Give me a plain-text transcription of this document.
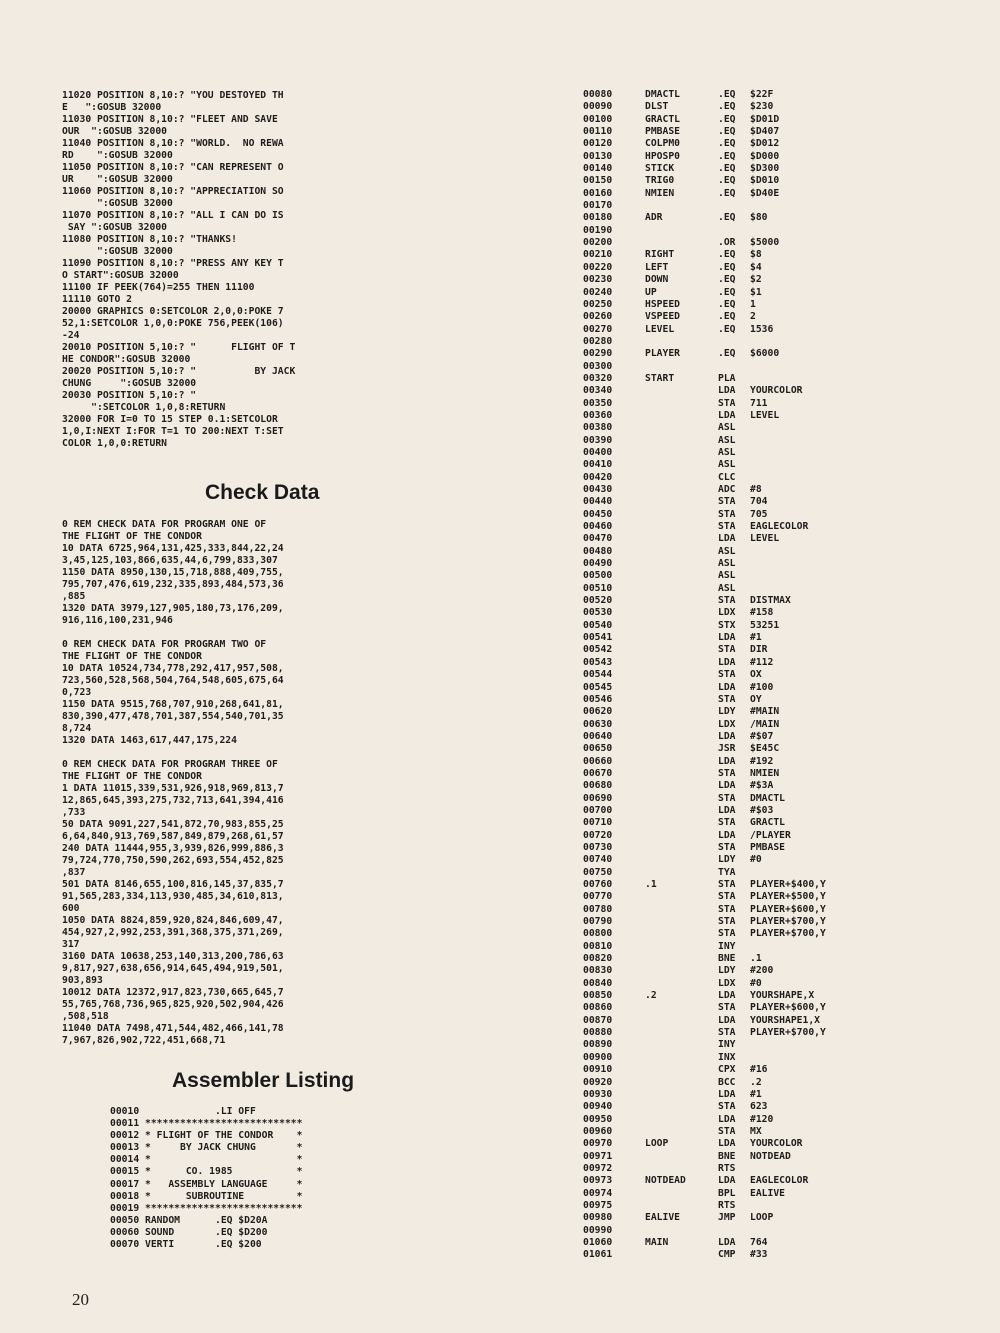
11020 POSITION 8,10:? "YOU DESTOYED TH
E   ":GOSUB 32000
11030 POSITION 8,10:? "FLEET AND SAVE
OUR  ":GOSUB 32000
11040 POSITION 8,10:? "WORLD.  NO REWA
RD    ":GOSUB 32000
11050 POSITION 8,10:? "CAN REPRESENT O
UR    ":GOSUB 32000
11060 POSITION 8,10:? "APPRECIATION SO
":GOSUB 32000
11070 POSITION 8,10:? "ALL I CAN DO IS
SAY ":GOSUB 32000
11080 POSITION 8,10:? "THANKS!
":GOSUB 32000
11090 POSITION 8,10:? "PRESS ANY KEY T
O START":GOSUB 32000
11100 IF PEEK(764)=255 THEN 11100
11110 GOTO 2
20000 GRAPHICS 0:SETCOLOR 2,0,0:POKE 7
52,1:SETCOLOR 1,0,0:POKE 756,PEEK(106)
-24
20010 POSITION 5,10:? "      FLIGHT OF T
HE CONDOR":GOSUB 32000
20020 POSITION 5,10:? "          BY JACK
CHUNG     ":GOSUB 32000
20030 POSITION 5,10:? "
":SETCOLOR 1,0,8:RETURN
32000 FOR I=0 TO 15 STEP 0.1:SETCOLOR
1,0,I:NEXT I:FOR T=1 TO 200:NEXT T:SET
COLOR 1,0,0:RETURN
Check Data
0 REM CHECK DATA FOR PROGRAM ONE OF
THE FLIGHT OF THE CONDOR
10 DATA 6725,964,131,425,333,844,22,24
3,45,125,103,866,635,44,6,799,833,307
1150 DATA 8950,130,15,718,888,409,755,
795,707,476,619,232,335,893,484,573,36
,885
1320 DATA 3979,127,905,180,73,176,209,
916,116,100,231,946
0 REM CHECK DATA FOR PROGRAM TWO OF
THE FLIGHT OF THE CONDOR
10 DATA 10524,734,778,292,417,957,508,
723,560,528,568,504,764,548,605,675,64
0,723
1150 DATA 9515,768,707,910,268,641,81,
830,390,477,478,701,387,554,540,701,35
8,724
1320 DATA 1463,617,447,175,224
0 REM CHECK DATA FOR PROGRAM THREE OF
THE FLIGHT OF THE CONDOR
1 DATA 11015,339,531,926,918,969,813,7
12,865,645,393,275,732,713,641,394,416
,733
50 DATA 9091,227,541,872,70,983,855,25
6,64,840,913,769,587,849,879,268,61,57
240 DATA 11444,955,3,939,826,999,886,3
79,724,770,750,590,262,693,554,452,825
,837
501 DATA 8146,655,100,816,145,37,835,7
91,565,283,334,113,930,485,34,610,813,
600
1050 DATA 8824,859,920,824,846,609,47,
454,927,2,992,253,391,368,375,371,269,
317
3160 DATA 10638,253,140,313,200,786,63
9,817,927,638,656,914,645,494,919,501,
903,893
10012 DATA 12372,917,823,730,665,645,7
55,765,768,736,965,825,920,502,904,426
,508,518
11040 DATA 7498,471,544,482,466,141,78
7,967,826,902,722,451,668,71
Assembler Listing
00010             .LI OFF
00011 ***************************
00012 * FLIGHT OF THE CONDOR    *
00013 *     BY JACK CHUNG       *
00014 *                         *
00015 *      CO. 1985           *
00017 *   ASSEMBLY LANGUAGE     *
00018 *      SUBROUTINE         *
00019 ***************************
00050 RANDOM      .EQ $D20A
00060 SOUND       .EQ $D200
00070 VERTI       .EQ $200
00080	DMACTL	.EQ $22F
00090	DLST	.EQ $230
00100	GRACTL	.EQ $D01D
00110	PMBASE	.EQ $D407
00120	COLPM0	.EQ $D012
00130	HPOSP0	.EQ $D000
00140	STICK	.EQ $D300
00150	TRIG0	.EQ $D010
00160	NMIEN	.EQ $D40E
00170
00180	ADR	.EQ $80
00190
00200	.OR $5000
00210	RIGHT	.EQ $8
00220	LEFT	.EQ $4
00230	DOWN	.EQ $2
00240	UP	.EQ $1
00250	HSPEED	.EQ 1
00260	VSPEED	.EQ 2
00270	LEVEL	.EQ 1536
00280
00290	PLAYER	.EQ $6000
00300
00320	START	PLA
00340	LDA YOURCOLOR
00350	STA 711
00360	LDA LEVEL
00380	ASL
00390	ASL
00400	ASL
00410	ASL
00420	CLC
00430	ADC #8
00440	STA 704
00450	STA 705
00460	STA EAGLECOLOR
00470	LDA LEVEL
00480	ASL
00490	ASL
00500	ASL
00510	ASL
00520	STA DISTMAX
00530	LDX #158
00540	STX 53251
00541	LDA #1
00542	STA DIR
00543	LDA #112
00544	STA OX
00545	LDA #100
00546	STA OY
00620	LDY #MAIN
00630	LDX /MAIN
00640	LDA #$07
00650	JSR $E45C
00660	LDA #192
00670	STA NMIEN
00680	LDA #$3A
00690	STA DMACTL
00700	LDA #$03
00710	STA GRACTL
00720	LDA /PLAYER
00730	STA PMBASE
00740	LDY #0
00750	TYA
00760	.1	STA PLAYER+$400,Y
00770	STA PLAYER+$500,Y
00780	STA PLAYER+$600,Y
00790	STA PLAYER+$700,Y
00800	STA PLAYER+$700,Y
00810	INY
00820	BNE .1
00830	LDY #200
00840	LDX #0
00850	.2	LDA YOURSHAPE,X
00860	STA PLAYER+$600,Y
00870	LDA YOURSHAPE1,X
00880	STA PLAYER+$700,Y
00890	INY
00900	INX
00910	CPX #16
00920	BCC .2
00930	LDA #1
00940	STA 623
00950	LDA #120
00960	STA MX
00970	LOOP	LDA YOURCOLOR
00971	BNE NOTDEAD
00972	RTS
00973	NOTDEAD	LDA EAGLECOLOR
00974	BPL EALIVE
00975	RTS
00980	EALIVE	JMP LOOP
00990
01060	MAIN	LDA 764
01061	CMP #33
20
